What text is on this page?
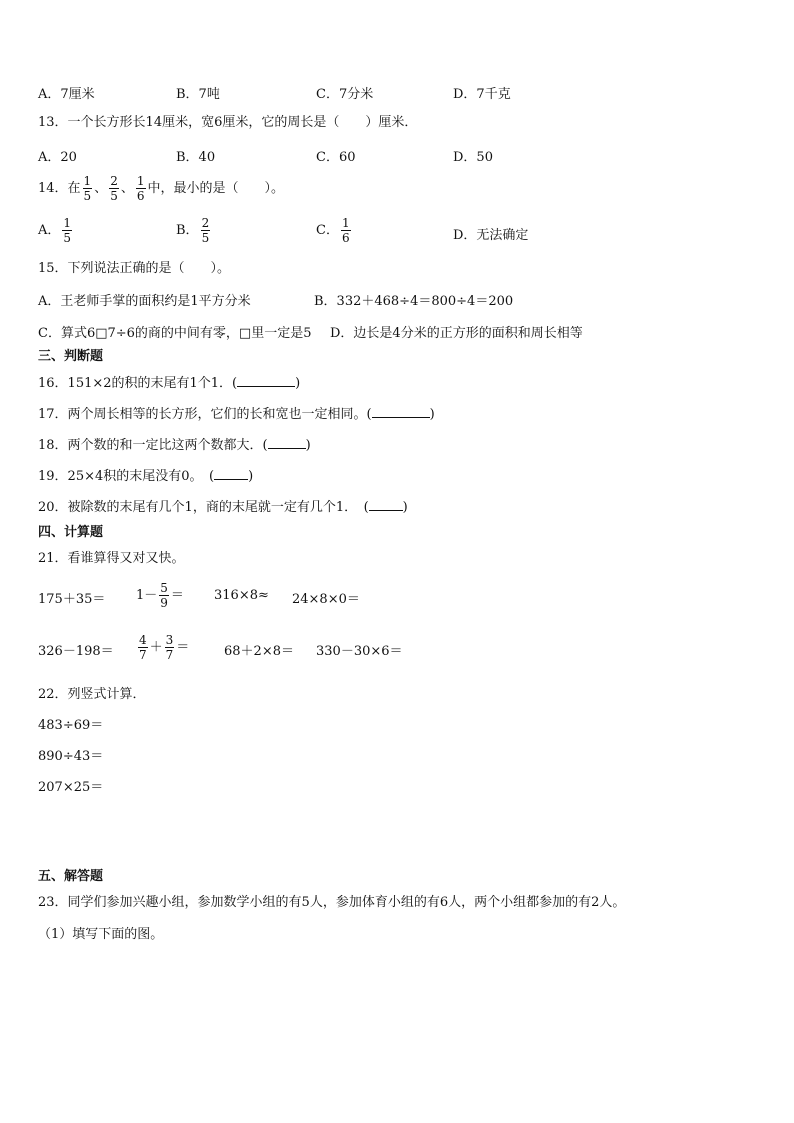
A．7厘米	B．7吨	C．7分米	D．7千克
13．一个长方形长14厘米，宽6厘米，它的周长是（　　）厘米．
A．20	B．40	C．60	D．50
14．在 $\frac{1}{5}$ 、 $\frac{2}{5}$ 、 $\frac{1}{6}$ 中，最小的是（　　）。
A． $\frac{1}{5}$	B． $\frac{2}{5}$	C． $\frac{1}{6}$	D．无法确定
15．下列说法正确的是（　　）。
A．王老师手掌的面积约是1平方分米	B．332＋468÷4＝800÷4＝200
C．算式6□7÷6的商的中间有零，□里一定是5 D．边长是4分米的正方形的面积和周长相等
三、判断题
16．151×2的积的末尾有1个1．(	)
17．两个周长相等的长方形，它们的长和宽也一定相同。(	)
18．两个数的和一定比这两个数都大．(	)
19．25×4积的末尾没有0。　(	)
20．被除数的末尾有几个1，商的末尾就一定有几个1．　(	)
四、计算题
21．看谁算得又对又快。
$175+35= 1- \frac{5}{9} = 316\times 8\approx 24\times 8\times 0=$
$326-198= \frac{4}{7} + \frac{3}{7}$ ＝	68＋2×8＝ 330－30×6＝
22．列竖式计算．
483÷69＝
890÷43＝
207×25＝
五、解答题
23．同学们参加兴趣小组，参加数学小组的有5人，参加体育小组的有6人，两个小组都参加的有2人。
（1）填写下面的图。
